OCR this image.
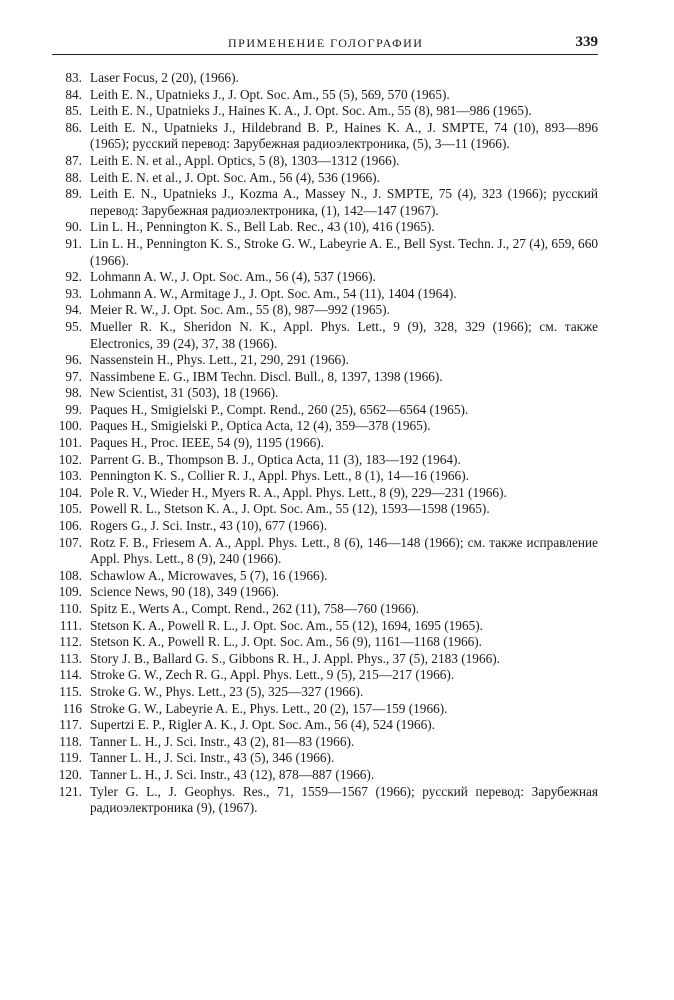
ПРИМЕНЕНИЕ ГОЛОГРАФИИ	339
83. Laser Focus, 2 (20), (1966).
84. Leith E. N., Upatnieks J., J. Opt. Soc. Am., 55 (5), 569, 570 (1965).
85. Leith E. N., Upatnieks J., Haines K. A., J. Opt. Soc. Am., 55 (8), 981—986 (1965).
86. Leith E. N., Upatnieks J., Hildebrand B. P., Haines K. A., J. SMPTE, 74 (10), 893—896 (1965); русский перевод: Зарубежная радиоэлектроника, (5), 3—11 (1966).
87. Leith E. N. et al., Appl. Optics, 5 (8), 1303—1312 (1966).
88. Leith E. N. et al., J. Opt. Soc. Am., 56 (4), 536 (1966).
89. Leith E. N., Upatnieks J., Kozma A., Massey N., J. SMPTE, 75 (4), 323 (1966); русский перевод: Зарубежная радиоэлектроника, (1), 142—147 (1967).
90. Lin L. H., Pennington K. S., Bell Lab. Rec., 43 (10), 416 (1965).
91. Lin L. H., Pennington K. S., Stroke G. W., Labeyrie A. E., Bell Syst. Techn. J., 27 (4), 659, 660 (1966).
92. Lohmann A. W., J. Opt. Soc. Am., 56 (4), 537 (1966).
93. Lohmann A. W., Armitage J., J. Opt. Soc. Am., 54 (11), 1404 (1964).
94. Meier R. W., J. Opt. Soc. Am., 55 (8), 987—992 (1965).
95. Mueller R. K., Sheridon N. K., Appl. Phys. Lett., 9 (9), 328, 329 (1966); см. также Electronics, 39 (24), 37, 38 (1966).
96. Nassenstein H., Phys. Lett., 21, 290, 291 (1966).
97. Nassimbene E. G., IBM Techn. Discl. Bull., 8, 1397, 1398 (1966).
98. New Scientist, 31 (503), 18 (1966).
99. Paques H., Smigielski P., Compt. Rend., 260 (25), 6562—6564 (1965).
100. Paques H., Smigielski P., Optica Acta, 12 (4), 359—378 (1965).
101. Paques H., Proc. IEEE, 54 (9), 1195 (1966).
102. Parrent G. B., Thompson B. J., Optica Acta, 11 (3), 183—192 (1964).
103. Pennington K. S., Collier R. J., Appl. Phys. Lett., 8 (1), 14—16 (1966).
104. Pole R. V., Wieder H., Myers R. A., Appl. Phys. Lett., 8 (9), 229—231 (1966).
105. Powell R. L., Stetson K. A., J. Opt. Soc. Am., 55 (12), 1593—1598 (1965).
106. Rogers G., J. Sci. Instr., 43 (10), 677 (1966).
107. Rotz F. B., Friesem A. A., Appl. Phys. Lett., 8 (6), 146—148 (1966); см. также исправление Appl. Phys. Lett., 8 (9), 240 (1966).
108. Schawlow A., Microwaves, 5 (7), 16 (1966).
109. Science News, 90 (18), 349 (1966).
110. Spitz E., Werts A., Compt. Rend., 262 (11), 758—760 (1966).
111. Stetson K. A., Powell R. L., J. Opt. Soc. Am., 55 (12), 1694, 1695 (1965).
112. Stetson K. A., Powell R. L., J. Opt. Soc. Am., 56 (9), 1161—1168 (1966).
113. Story J. B., Ballard G. S., Gibbons R. H., J. Appl. Phys., 37 (5), 2183 (1966).
114. Stroke G. W., Zech R. G., Appl. Phys. Lett., 9 (5), 215—217 (1966).
115. Stroke G. W., Phys. Lett., 23 (5), 325—327 (1966).
116 Stroke G. W., Labeyrie A. E., Phys. Lett., 20 (2), 157—159 (1966).
117. Supertzi E. P., Rigler A. K., J. Opt. Soc. Am., 56 (4), 524 (1966).
118. Tanner L. H., J. Sci. Instr., 43 (2), 81—83 (1966).
119. Tanner L. H., J. Sci. Instr., 43 (5), 346 (1966).
120. Tanner L. H., J. Sci. Instr., 43 (12), 878—887 (1966).
121. Tyler G. L., J. Geophys. Res., 71, 1559—1567 (1966); русский перевод: Зарубежная радиоэлектроника (9), (1967).
